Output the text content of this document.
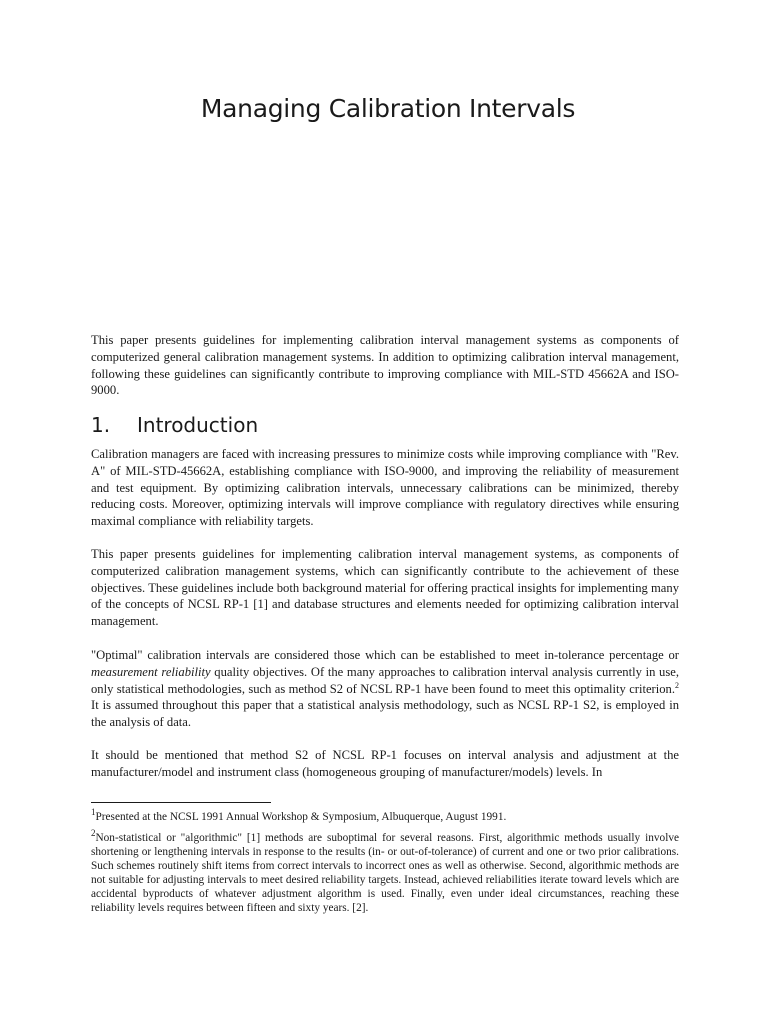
Managing Calibration Intervals

This paper presents guidelines for implementing calibration interval management systems as components of computerized general calibration management systems. In addition to optimizing calibration interval management, following these guidelines can significantly contribute to improving compliance with MIL-STD 45662A and ISO-9000.

1. Introduction

Calibration managers are faced with increasing pressures to minimize costs while improving compliance with "Rev. A" of MIL-STD-45662A, establishing compliance with ISO-9000, and improving the reliability of measurement and test equipment. By optimizing calibration intervals, unnecessary calibrations can be minimized, thereby reducing costs. Moreover, optimizing intervals will improve compliance with regulatory directives while ensuring maximal compliance with reliability targets.

This paper presents guidelines for implementing calibration interval management systems, as components of computerized calibration management systems, which can significantly contribute to the achievement of these objectives. These guidelines include both background material for offering practical insights for implementing many of the concepts of NCSL RP-1 [1] and database structures and elements needed for optimizing calibration interval management.

"Optimal" calibration intervals are considered those which can be established to meet in-tolerance percentage or measurement reliability quality objectives. Of the many approaches to calibration interval analysis currently in use, only statistical methodologies, such as method S2 of NCSL RP-1 have been found to meet this optimality criterion.$^2$ It is assumed throughout this paper that a statistical analysis methodology, such as NCSL RP-1 S2, is employed in the analysis of data.

It should be mentioned that method S2 of NCSL RP-1 focuses on interval analysis and adjustment at the manufacturer/model and instrument class (homogeneous grouping of manufacturer/models) levels. In

$^1$Presented at the NCSL 1991 Annual Workshop & Symposium, Albuquerque, August 1991.

$^2$Non-statistical or "algorithmic" [1] methods are suboptimal for several reasons. First, algorithmic methods usually involve shortening or lengthening intervals in response to the results (in- or out-of-tolerance) of current and one or two prior calibrations. Such schemes routinely shift items from correct intervals to incorrect ones as well as otherwise. Second, algorithmic methods are not suitable for adjusting intervals to meet desired reliability targets. Instead, achieved reliabilities iterate toward levels which are accidental byproducts of whatever adjustment algorithm is used. Finally, even under ideal circumstances, reaching these reliability levels requires between fifteen and sixty years. [2].
